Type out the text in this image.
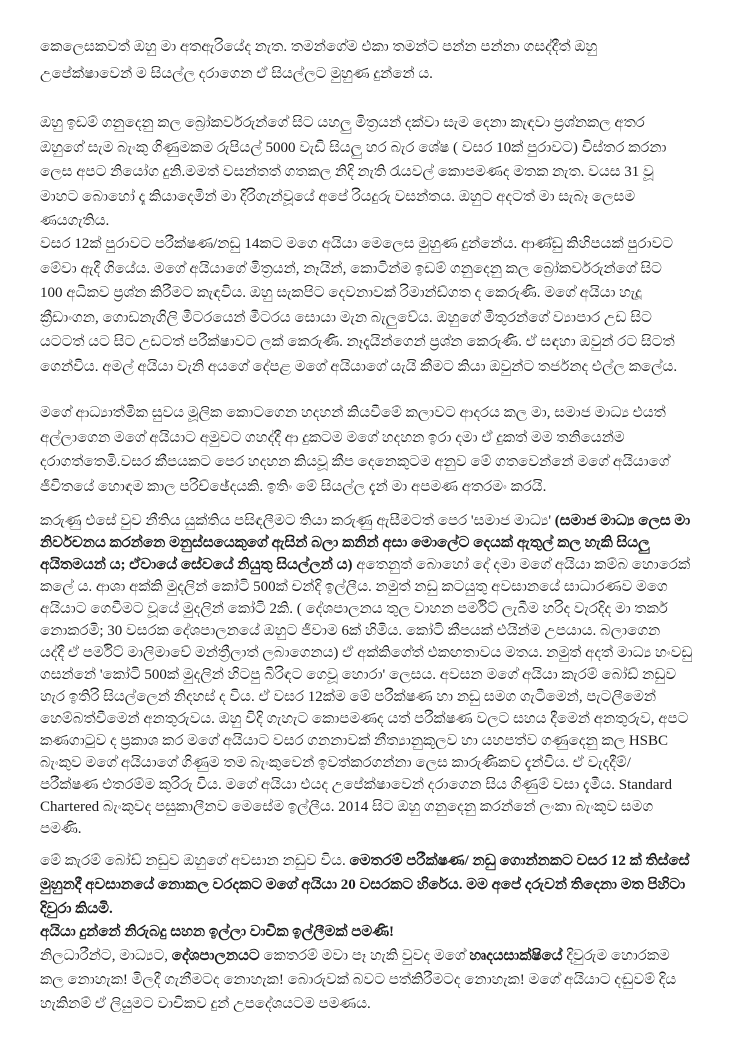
කෙලෙසකවත් ඔහු මා අතඇරියේද නැත. තමන්ගේම එකා තමන්ට පන්න පන්නා ගසද්දීත් ඔහු
උපේක්ෂාවෙන් ම සියල්ල දරාගෙන ඒ සියල්ලට මුහුණ දුන්නේ ය.
ඔහු ඉඩම් ගනුදෙනු කල බ්‍රෝකර්වරුන්ගේ සිට යහලු මිත්‍රයන් දක්වා සැම දෙනා කැඳවා ප්‍රශ්නකල අතර
ඔහුගේ සැම බැංකු ගිණුමකම රුපියල් 5000 වැඩි සියලු හර බැර ශේෂ ( වසර 10ක් පුරාවට) විස්තර කරනා
ලෙස අපට නියෝග දුනි.මමත් වසන්තත් ගතකල නිදි නැති රැයවල් කොපමණද මතක නැත. වයස 31 වූ
මාහට බොහෝ දෑ කියාදෙමින් මා දිරිගැන්වූයේ අපේ රියදුරු වසන්තය. ඔහුට අදටත් මා සැබෑ ලෙසම
ණයගැතිය.
වසර 12ක් පුරාවට පරීක්ෂණ/නඩු 14කට මගෙ අයියා මෙලෙස මුහුණ දුන්නේය. ආණ්ඩු කිහිපයක් පුරාවට
මේවා ඇදී ගියේය. මගේ අයියාගේ මිත්‍රයන්, නෑයින්, කොටින්ම ඉඩම් ගනුදෙනු කල බ්‍රෝකර්වරුන්ගේ සිට
100 අධිකව ප්‍රශ්න කිරීමට කැඳවිය. ඔහු සැකපිට දෙවනාවක් රිමාන්ඩ්ගත ද කෙරුණි. මගේ අයියා හැදූ
ක්‍රීඩාංගන, ගොඩනැගිලි මීටරයෙන් මීටරය සොයා මැන බැලුවේය. ඔහුගේ මිතුරන්ගේ ව්‍යාපාර උඩ සිට
යටටත් යට සිට උඩටත් පරීක්ෂාවට ලක් කෙරුණි. නෑදෑයින්ගෙන් ප්‍රශ්න කෙරුණි. ඒ සඳහා ඔවුන් රට සිටත්
ගෙන්විය. අමල් අයියා වැනි අයගේ දේපළ මගේ අයියාගේ යැයි කීමට කියා ඔවුන්ට තර්ජනද එල්ල කලේය.
මගේ ආධ්‍යාත්මික සුවය මූලික කොටගෙන හදහන් කියවීමේ කලාවට ආදරය කල මා, සමාජ මාධ්‍ය එයත්
අල්ලාගෙන මගේ අයියාට අමුවට ගහද්දී ආ දුකටම මගේ හදහන ඉරා දමා ඒ දුකත් මම තනියෙන්ම
දරාගත්තෙමි.වසර කීපයකට පෙර හදහන කියවූ කීප දෙනෙකුටම අනුව මේ ගතවෙන්නේ මගේ අයියාගේ
ජීවිතයේ හොඳම කාල පරිච්ඡේදයකි. ඉතිං මේ සියල්ල දැන් මා අපමණ අතරමං කරයි.
කරුණු එසේ වුව නීතිය යුක්තිය පසිඳලීමට තියා කරුණු ඇසීමටත් පෙර 'සමාජ මාධ්‍ය' (සමාජ මාධ්‍ය ලෙස මා
නිර්වචනය කරන්නෙ මනුස්සයෙකුගේ ඇසින් බලා කනින් අසා මොලේට දෙයක් ඇතුල් කල හැකි සියලු
අයිතමයන් ය; ඒවායේ සේවයේ නියුතු සියල්ලන් ය) අතෙනුත් බොහෝ දේ දමා මගේ අයියා කම්බ හොරෙක්
කලේ ය. ආශා අක්කි මුදලින් කෝටි 500ක් චන්දි ඉල්ලීය. නමුත් නඩු කටයුතු අවසානයේ සාධාරණව මගෙ
අයියාට ගෙවීමට වූයේ මුදලින් කෝටි 2කි. ( දේශපාලනය තුල වාහන පර්මිට් ලැබීම හරිද වැරදිද මා තර්ක
නොකරමි; 30 වසරක දේශපාලනයේ ඔහුට ජීවාම 6ක් හිමිය. කෝටි කීපයක් එයින්ම උපයාය. බලාගෙන
යද්දී ඒ පර්මිට් මාලිමාවේ මන්ත්‍රීලාත් ලබාගෙනය) ඒ අක්කිගේත් එකඟතාවය මතය. නමුත් අදත් මාධ්‍ය හංවඩු
ගසන්නේ 'කෝටි 500ක් මුදලින් හිටපු බිරිඳට ගෙවූ හොරා' ලෙසය. අවසන මගේ අයියා කැරම් බෝඩ් නඩුව
හැර ඉතිරි සියල්ලෙන් නිදහස් ද විය. ඒ වසර 12ක්ම මේ පරීක්ෂණ හා නඩු සමග ගැටීමෙන්, පැටලීමෙන්
හෙම්බත්වීමෙන් අනතුරුවය. ඔහු විදි ගැහැට කොපමණද යත් පරීක්ෂණ වලට සහය දීමෙන් අනතුරුව, අපට
කණගාටුව ද ප්‍රකාශ කර මගේ අයියාට වසර ගනනාවක් නීත්‍යානුකූලව හා යහපත්ව ගණුදෙනු කල HSBC
බැංකුව මගේ අයියාගේ ගිණුම තම බැංකුවෙන් ඉවත්කරගන්නා ලෙස කාරුණිකව දැන්විය. ඒ වැදදීම්/
පරීක්ෂණ එතරම්ම කුරිරු විය. මගේ අයියා එයද උපේක්ෂාවෙන් දරාගෙන සිය ගිණුම් වසා දැමීය. Standard
Chartered බැංකුවද පසුකාලීනව මෙසේම ඉල්ලීය. 2014 සිට ඔහු ගනුදෙනු කරන්නේ ලංකා බැංකුව සමග
පමණි.
මේ කැරම් බෝඩ් නඩුව ඔහුගේ අවසාන නඩුව විය. මෙතරම් පරීක්ෂණ/ නඩු ගොන්නකට වසර 12 ක් තිස්සේ
මුහුනදී අවසානයේ නොකල වරදකට මගේ අයියා 20 වසරකට හිරේය. මම අපේ දරුවන් තිදෙනා මත පිහිටා
දිවුරා කියමි.
අයියා දුන්නේ නිරුබදු සහන ඉල්ලා වාචික ඉල්ලීමක් පමණි!
නිලධාරීන්ට, මාධ්‍යට, දේශපාලනයට කෙතරම් මවා පෑ හැකි වුවද මගේ හෘදයසාක්ෂියේ දිවුරුම හොරකම
කල නොහැක! මිලදී ගැනීමටද නොහැක! බොරුවක් බවට පත්කිරීමටද නොහැක! මගේ අයියාට දඬුවම් දිය
හැකිනම් ඒ ලියුමට වාචිකව දුන් උපදේශයටම පමණය.
